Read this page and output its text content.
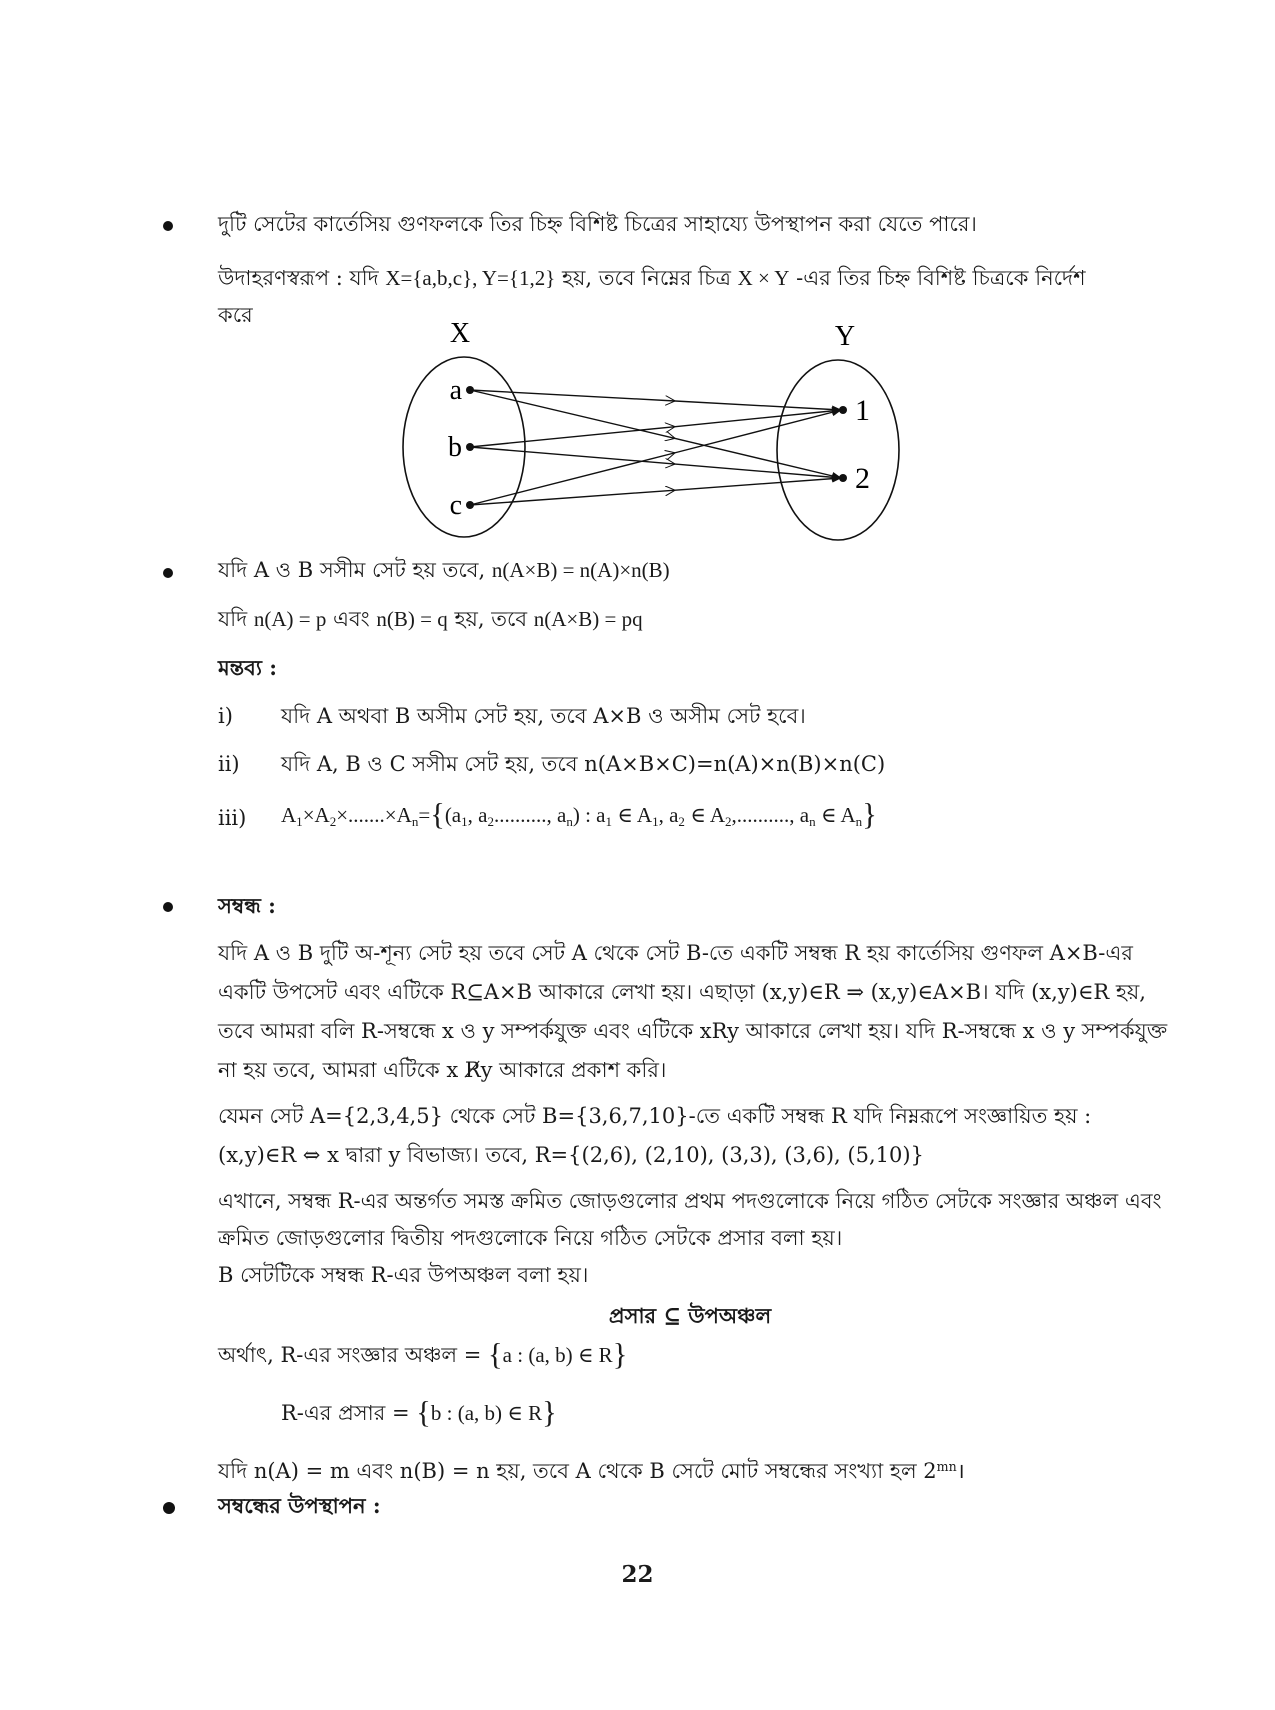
দুটি সেটের কার্তেসিয় গুণফলকে তির চিহ্ন বিশিষ্ট চিত্রের সাহায্যে উপস্থাপন করা যেতে পারে।
উদাহরণস্বরূপ : যদি X={a,b,c}, Y={1,2} হয়, তবে নিম্নের চিত্র X × Y -এর তির চিহ্ন বিশিষ্ট চিত্রকে নির্দেশ
করে
X	Y
a
b
c
1
2
যদি A ও B সসীম সেট হয় তবে, n(A×B) = n(A)×n(B)
যদি n(A) = p এবং n(B) = q হয়, তবে n(A×B) = pq
মন্তব্য :
i) যদি A অথবা B অসীম সেট হয়, তবে A×B ও অসীম সেট হবে।
ii) যদি A, B ও C সসীম সেট হয়, তবে n(A×B×C)=n(A)×n(B)×n(C)
iii) $A_1\times A_2\times.......\times A_n=\{(a_1$, $a_2$.........., $a_n$) : $a_1$ ∈ $A_1$, $a_2$ ∈ $A_2$,.........., $a_n$ ∈ $A_n$}
সম্বন্ধ :
যদি A ও B দুটি অ-শূন্য সেট হয় তবে সেট A থেকে সেট B-তে একটি সম্বন্ধ R হয় কার্তেসিয় গুণফল A×B-এর
একটি উপসেট এবং এটিকে R⊆A×B আকারে লেখা হয়। এছাড়া (x,y)∈R ⇒ (x,y)∈A×B। যদি (x,y)∈R হয়,
তবে আমরা বলি R-সম্বন্ধে x ও y সম্পর্কযুক্ত এবং এটিকে xRy আকারে লেখা হয়। যদি R-সম্বন্ধে x ও y সম্পর্কযুক্ত
না হয় তবে, আমরা এটিকে x R̸y আকারে প্রকাশ করি।
যেমন সেট A={2,3,4,5} থেকে সেট B={3,6,7,10}-তে একটি সম্বন্ধ R যদি নিম্নরূপে সংজ্ঞায়িত হয় :
(x,y)∈R ⇔ x দ্বারা y বিভাজ্য। তবে, R={(2,6), (2,10), (3,3), (3,6), (5,10)}
এখানে, সম্বন্ধ R-এর অন্তর্গত সমস্ত ক্রমিত জোড়গুলোর প্রথম পদগুলোকে নিয়ে গঠিত সেটকে সংজ্ঞার অঞ্চল এবং
ক্রমিত জোড়গুলোর দ্বিতীয় পদগুলোকে নিয়ে গঠিত সেটকে প্রসার বলা হয়।
B সেটটিকে সম্বন্ধ R-এর উপঅঞ্চল বলা হয়।
প্রসার ⊆ উপঅঞ্চল
অর্থাৎ, R-এর সংজ্ঞার অঞ্চল = {a : (a, b) ∈ R}
R-এর প্রসার = {b : (a, b) ∈ R}
যদি n(A) = m এবং n(B) = n হয়, তবে A থেকে B সেটে মোট সম্বন্ধের সংখ্যা হল $2^{mn}।$
সম্বন্ধের উপস্থাপন :
22
